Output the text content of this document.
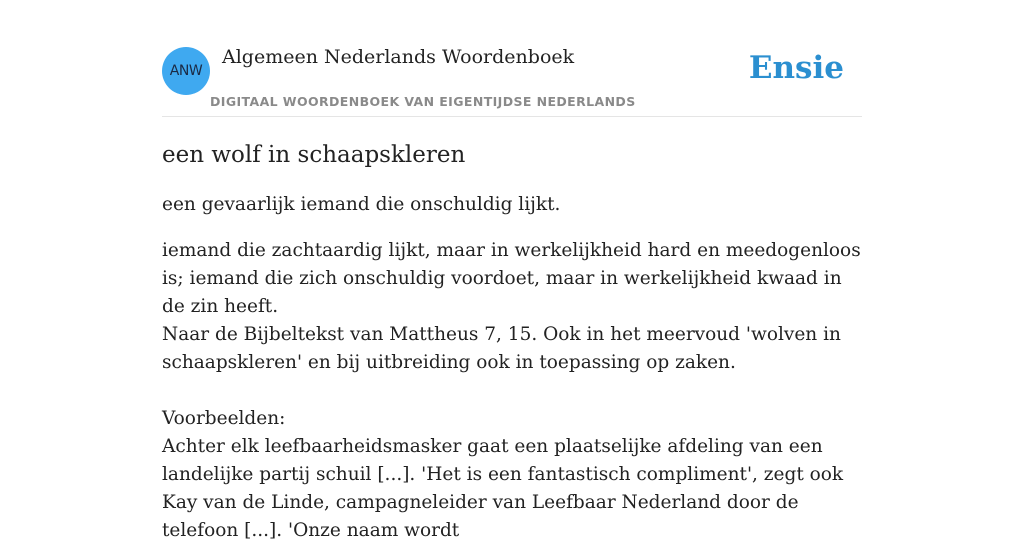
ANW
Algemeen Nederlands Woordenboek
DIGITAAL WOORDENBOEK VAN EIGENTIJDSE NEDERLANDS
Ensie
een wolf in schaapskleren

een gevaarlijk iemand die onschuldig lijkt.

iemand die zachtaardig lijkt, maar in werkelijkheid hard en meedogenloos is; iemand die zich onschuldig voordoet, maar in werkelijkheid kwaad in de zin heeft.
Naar de Bijbeltekst van Mattheus 7, 15. Ook in het meervoud 'wolven in schaapskleren' en bij uitbreiding ook in toepassing op zaken.
Voorbeelden:
Achter elk leefbaarheidsmasker gaat een plaatselijke afdeling van een landelijke partij schuil [...]. 'Het is een fantastisch compliment', zegt ook Kay van de Linde, campagneleider van Leefbaar Nederland door de telefoon [...]. 'Onze naam wordt
